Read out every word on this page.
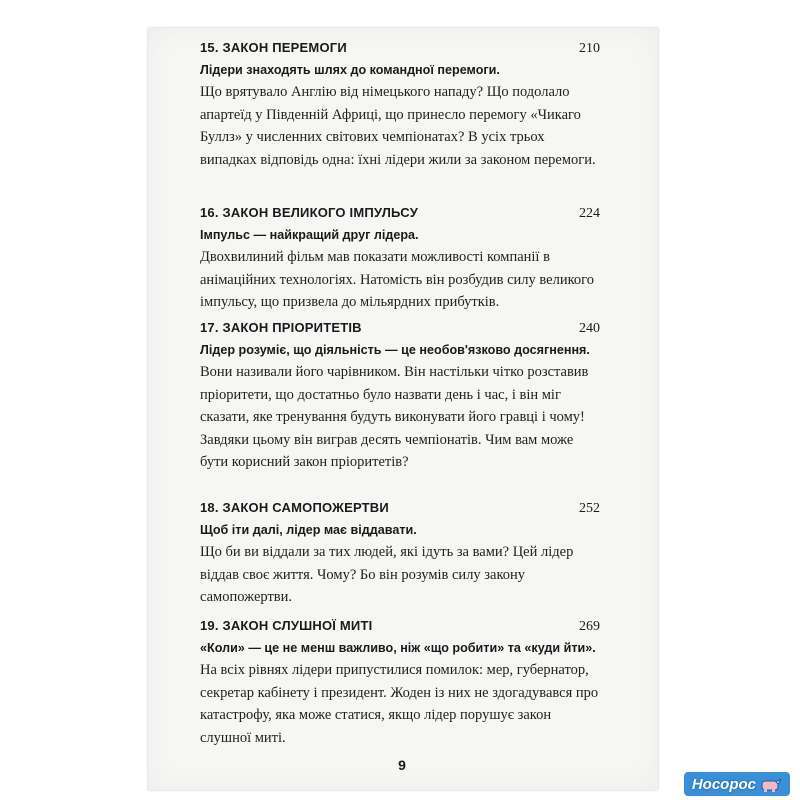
15. ЗАКОН ПЕРЕМОГИ	210
Лідери знаходять шлях до командної перемоги.
Що врятувало Англію від німецького нападу? Що подолало апартеїд у Південній Африці, що принесло перемогу «Чикаго Буллз» у численних світових чемпіонатах? В усіх трьох випадках відповідь одна: їхні лідери жили за законом перемоги.
16. ЗАКОН ВЕЛИКОГО ІМПУЛЬСУ	224
Імпульс — найкращий друг лідера.
Двохвилиний фільм мав показати можливості компанії в анімаційних технологіях. Натомість він розбудив силу великого імпульсу, що призвела до мільярдних прибутків.
17. ЗАКОН ПРІОРИТЕТІВ	240
Лідер розуміє, що діяльність — це необов'язково досягнення.
Вони називали його чарівником. Він настільки чітко розставив пріоритети, що достатньо було назвати день і час, і він міг сказати, яке тренування будуть виконувати його гравці і чому! Завдяки цьому він виграв десять чемпіонатів. Чим вам може бути корисний закон пріоритетів?
18. ЗАКОН САМОПОЖЕРТВИ	252
Щоб іти далі, лідер має віддавати.
Що би ви віддали за тих людей, які ідуть за вами? Цей лідер віддав своє життя. Чому? Бо він розумів силу закону самопожертви.
19. ЗАКОН СЛУШНОЇ МИТІ	269
«Коли» — це не менш важливо, ніж «що робити» та «куди йти».
На всіх рівнях лідери припустилися помилок: мер, губернатор, секретар кабінету і президент. Жоден із них не здогадувався про катастрофу, яка може статися, якщо лідер порушує закон слушної миті.
9
Носорос
